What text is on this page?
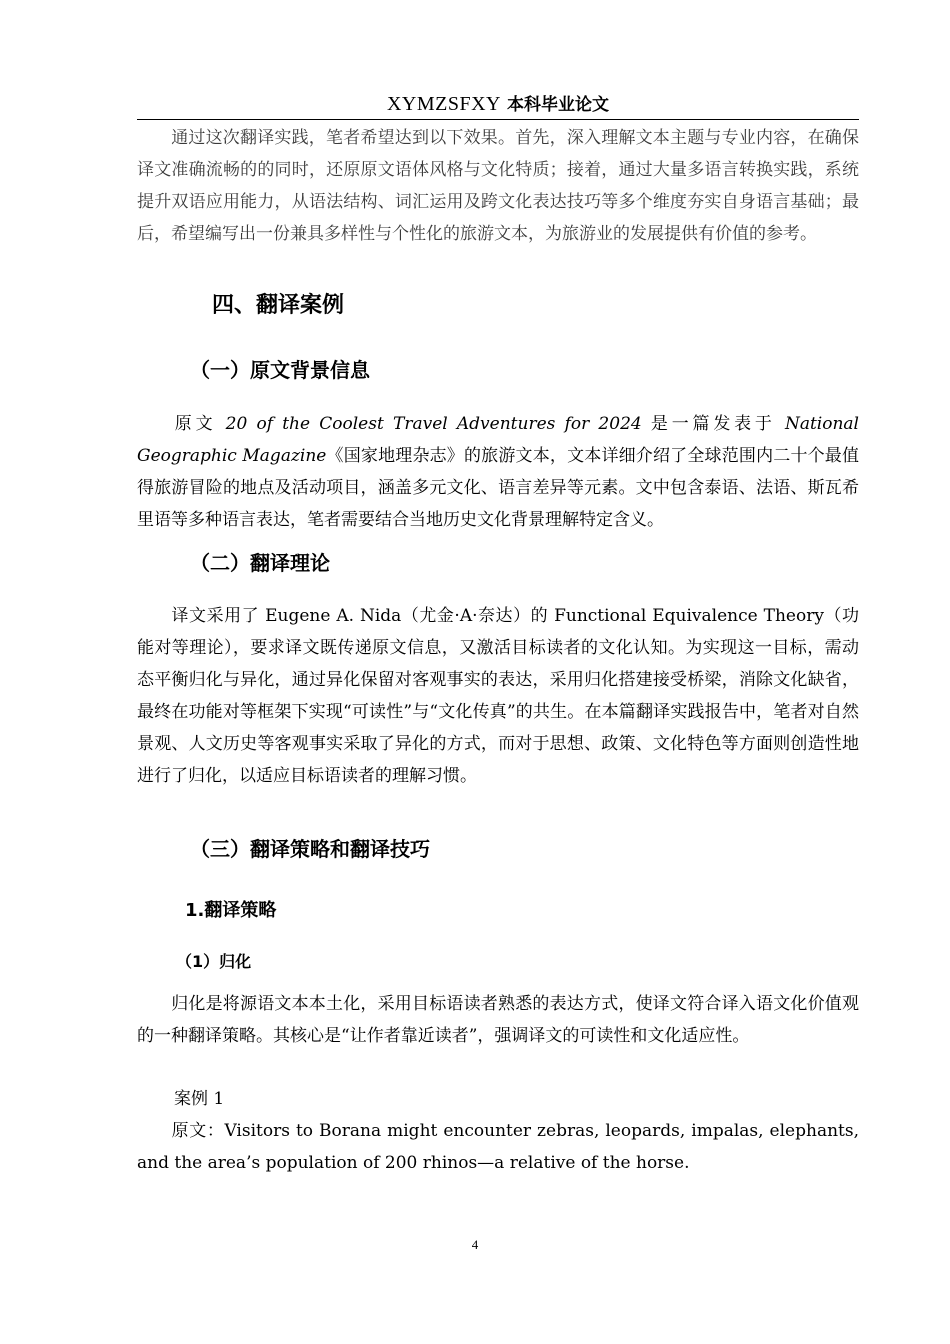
XYMZSFXY 本科毕业论文

通过这次翻译实践，笔者希望达到以下效果。首先，深入理解文本主题与专业内容，在确保译文准确流畅的的同时，还原原文语体风格与文化特质；接着，通过大量多语言转换实践，系统提升双语应用能力，从语法结构、词汇运用及跨文化表达技巧等多个维度夯实自身语言基础；最后，希望编写出一份兼具多样性与个性化的旅游文本，为旅游业的发展提供有价值的参考。

四、翻译案例
（一）原文背景信息

原文 20 of the Coolest Travel Adventures for 2024 是一篇发表于 National Geographic Magazine《国家地理杂志》的旅游文本，文本详细介绍了全球范围内二十个最值得旅游冒险的地点及活动项目，涵盖多元文化、语言差异等元素。文中包含泰语、法语、斯瓦希里语等多种语言表达，笔者需要结合当地历史文化背景理解特定含义。

（二）翻译理论

译文采用了 Eugene A. Nida（尤金·A·奈达）的 Functional Equivalence Theory（功能对等理论），要求译文既传递原文信息，又激活目标读者的文化认知。为实现这一目标，需动态平衡归化与异化，通过异化保留对客观事实的表达，采用归化搭建接受桥梁，消除文化缺省，最终在功能对等框架下实现“可读性”与“文化传真”的共生。在本篇翻译实践报告中，笔者对自然景观、人文历史等客观事实采取了异化的方式，而对于思想、政策、文化特色等方面则创造性地进行了归化，以适应目标语读者的理解习惯。

（三）翻译策略和翻译技巧
1.翻译策略
（1）归化

归化是将源语文本本土化，采用目标语读者熟悉的表达方式，使译文符合译入语文化价值观的一种翻译策略。其核心是“让作者靠近读者”，强调译文的可读性和文化适应性。

案例 1

原文：Visitors to Borana might encounter zebras, leopards, impalas, elephants, and the area’s population of 200 rhinos—a relative of the horse.

4
